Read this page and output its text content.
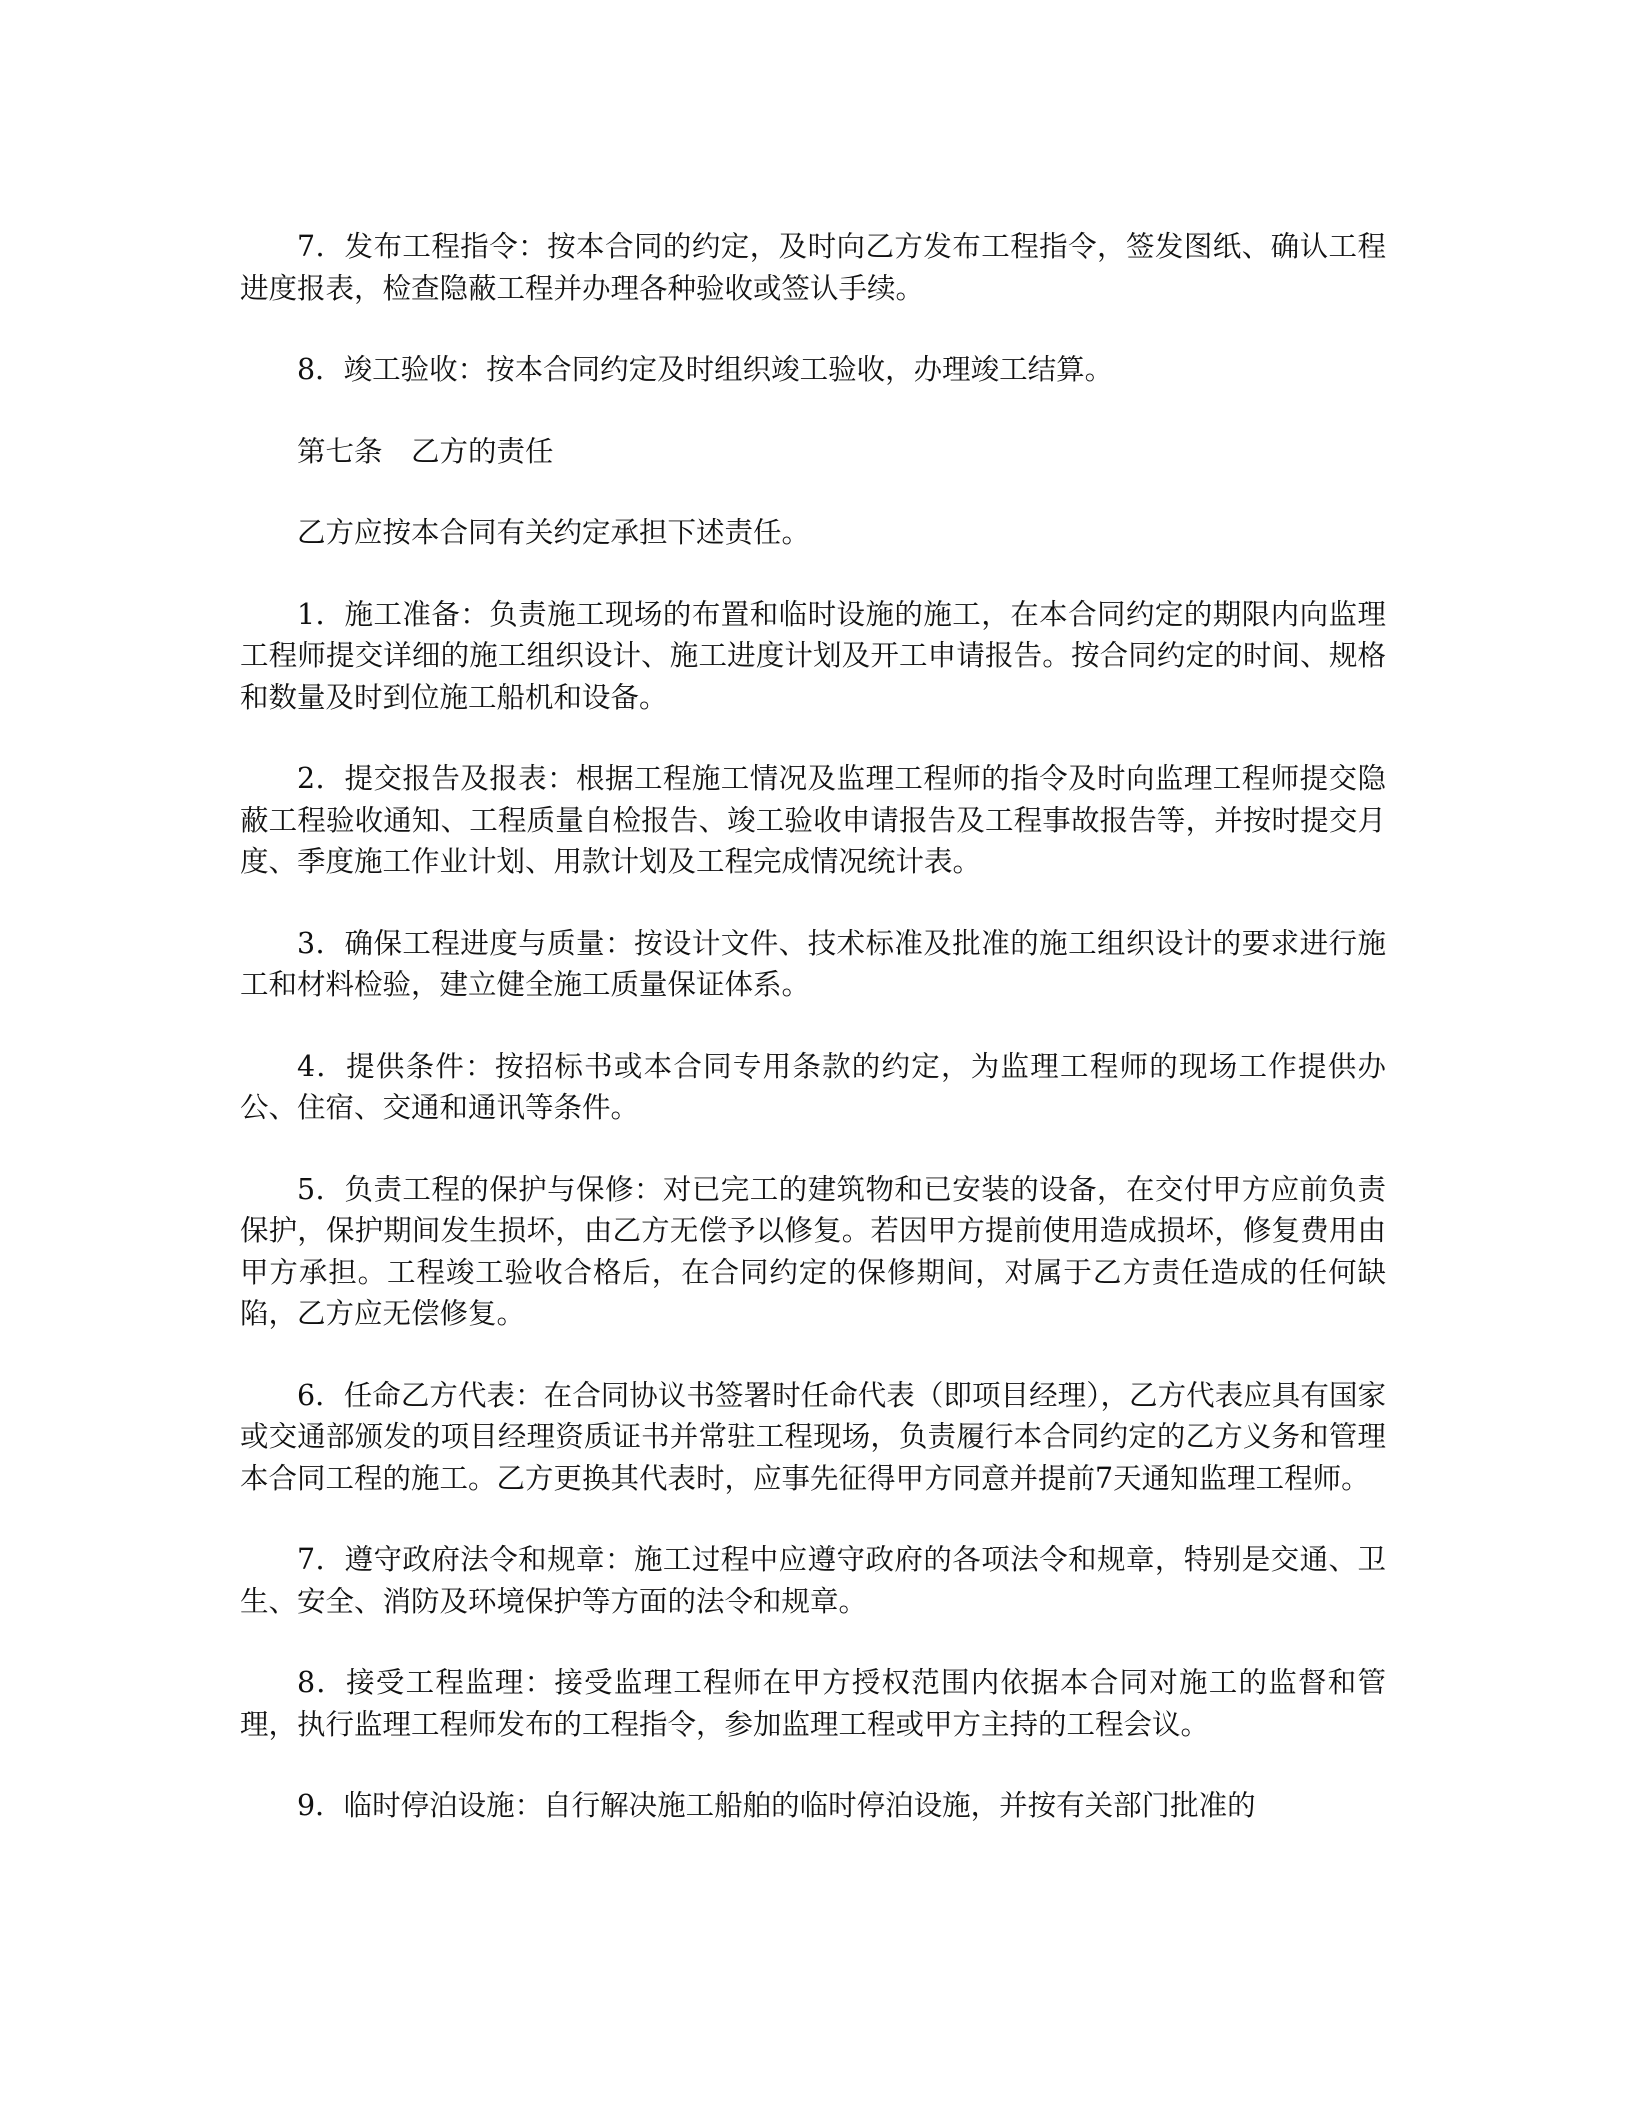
7．发布工程指令：按本合同的约定，及时向乙方发布工程指令，签发图纸、确认工程进度报表，检查隐蔽工程并办理各种验收或签认手续。

8．竣工验收：按本合同约定及时组织竣工验收，办理竣工结算。

第七条　乙方的责任

乙方应按本合同有关约定承担下述责任。

1．施工准备：负责施工现场的布置和临时设施的施工，在本合同约定的期限内向监理工程师提交详细的施工组织设计、施工进度计划及开工申请报告。按合同约定的时间、规格和数量及时到位施工船机和设备。

2．提交报告及报表：根据工程施工情况及监理工程师的指令及时向监理工程师提交隐蔽工程验收通知、工程质量自检报告、竣工验收申请报告及工程事故报告等，并按时提交月度、季度施工作业计划、用款计划及工程完成情况统计表。

3．确保工程进度与质量：按设计文件、技术标准及批准的施工组织设计的要求进行施工和材料检验，建立健全施工质量保证体系。

4．提供条件：按招标书或本合同专用条款的约定，为监理工程师的现场工作提供办公、住宿、交通和通讯等条件。

5．负责工程的保护与保修：对已完工的建筑物和已安装的设备，在交付甲方应前负责保护，保护期间发生损坏，由乙方无偿予以修复。若因甲方提前使用造成损坏，修复费用由甲方承担。工程竣工验收合格后，在合同约定的保修期间，对属于乙方责任造成的任何缺陷，乙方应无偿修复。

6．任命乙方代表：在合同协议书签署时任命代表（即项目经理），乙方代表应具有国家或交通部颁发的项目经理资质证书并常驻工程现场，负责履行本合同约定的乙方义务和管理本合同工程的施工。乙方更换其代表时，应事先征得甲方同意并提前7天通知监理工程师。

7．遵守政府法令和规章：施工过程中应遵守政府的各项法令和规章，特别是交通、卫生、安全、消防及环境保护等方面的法令和规章。

8．接受工程监理：接受监理工程师在甲方授权范围内依据本合同对施工的监督和管理，执行监理工程师发布的工程指令，参加监理工程或甲方主持的工程会议。

9．临时停泊设施：自行解决施工船舶的临时停泊设施，并按有关部门批准的
